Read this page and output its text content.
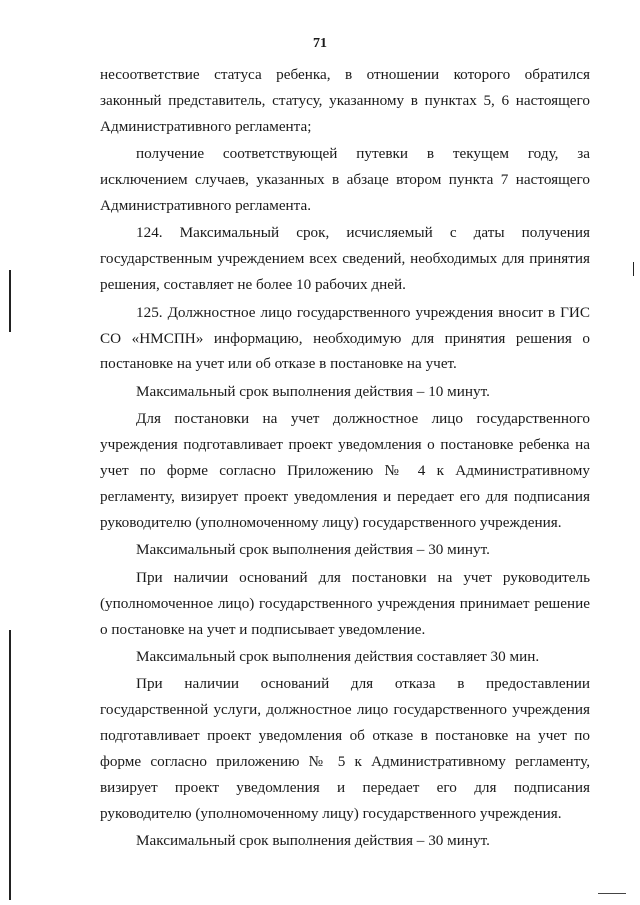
71

несоответствие статуса ребенка, в отношении которого обратился законный представитель, статусу, указанному в пунктах 5, 6 настоящего Административного регламента;

получение соответствующей путевки в текущем году, за исключением случаев, указанных в абзаце втором пункта 7 настоящего Административного регламента.

124. Максимальный срок, исчисляемый с даты получения государственным учреждением всех сведений, необходимых для принятия решения, составляет не более 10 рабочих дней.

125. Должностное лицо государственного учреждения вносит в ГИС СО «НМСПН» информацию, необходимую для принятия решения о постановке на учет или об отказе в постановке на учет.

Максимальный срок выполнения действия – 10 минут.

Для постановки на учет должностное лицо государственного учреждения подготавливает проект уведомления о постановке ребенка на учет по форме согласно Приложению № 4 к Административному регламенту, визирует проект уведомления и передает его для подписания руководителю (уполномоченному лицу) государственного учреждения.

Максимальный срок выполнения действия – 30 минут.

При наличии оснований для постановки на учет руководитель (уполномоченное лицо) государственного учреждения принимает решение о постановке на учет и подписывает уведомление.

Максимальный срок выполнения действия составляет 30 мин.

При наличии оснований для отказа в предоставлении государственной услуги, должностное лицо государственного учреждения подготавливает проект уведомления об отказе в постановке на учет по форме согласно приложению № 5 к Административному регламенту, визирует проект уведомления и передает его для подписания руководителю (уполномоченному лицу) государственного учреждения.

Максимальный срок выполнения действия – 30 минут.
